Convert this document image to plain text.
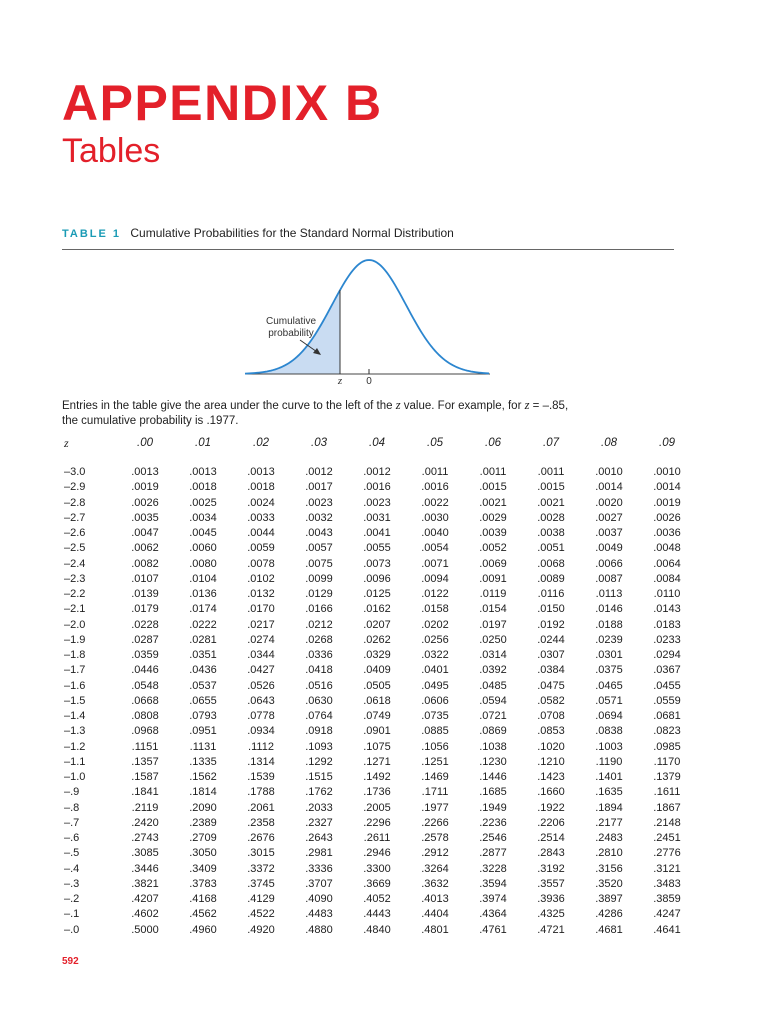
APPENDIX B
Tables
TABLE 1 Cumulative Probabilities for the Standard Normal Distribution
Cumulative
probability
z 0
Entries in the table give the area under the curve to the left of the z value. For example, for z = –.85,
the cumulative probability is .1977.
z	.00	.01	.02	.03	.04	.05	.06	.07	.08	.09

–3.0	.0013	.0013	.0013	.0012	.0012	.0011	.0011	.0011	.0010	.0010
–2.9	.0019	.0018	.0018	.0017	.0016	.0016	.0015	.0015	.0014	.0014
–2.8	.0026	.0025	.0024	.0023	.0023	.0022	.0021	.0021	.0020	.0019
–2.7	.0035	.0034	.0033	.0032	.0031	.0030	.0029	.0028	.0027	.0026
–2.6	.0047	.0045	.0044	.0043	.0041	.0040	.0039	.0038	.0037	.0036
–2.5	.0062	.0060	.0059	.0057	.0055	.0054	.0052	.0051	.0049	.0048
–2.4	.0082	.0080	.0078	.0075	.0073	.0071	.0069	.0068	.0066	.0064
–2.3	.0107	.0104	.0102	.0099	.0096	.0094	.0091	.0089	.0087	.0084
–2.2	.0139	.0136	.0132	.0129	.0125	.0122	.0119	.0116	.0113	.0110
–2.1	.0179	.0174	.0170	.0166	.0162	.0158	.0154	.0150	.0146	.0143
–2.0	.0228	.0222	.0217	.0212	.0207	.0202	.0197	.0192	.0188	.0183
–1.9	.0287	.0281	.0274	.0268	.0262	.0256	.0250	.0244	.0239	.0233
–1.8	.0359	.0351	.0344	.0336	.0329	.0322	.0314	.0307	.0301	.0294
–1.7	.0446	.0436	.0427	.0418	.0409	.0401	.0392	.0384	.0375	.0367
–1.6	.0548	.0537	.0526	.0516	.0505	.0495	.0485	.0475	.0465	.0455
–1.5	.0668	.0655	.0643	.0630	.0618	.0606	.0594	.0582	.0571	.0559
–1.4	.0808	.0793	.0778	.0764	.0749	.0735	.0721	.0708	.0694	.0681
–1.3	.0968	.0951	.0934	.0918	.0901	.0885	.0869	.0853	.0838	.0823
–1.2	.1151	.1131	.1112	.1093	.1075	.1056	.1038	.1020	.1003	.0985
–1.1	.1357	.1335	.1314	.1292	.1271	.1251	.1230	.1210	.1190	.1170
–1.0	.1587	.1562	.1539	.1515	.1492	.1469	.1446	.1423	.1401	.1379
–.9	.1841	.1814	.1788	.1762	.1736	.1711	.1685	.1660	.1635	.1611
–.8	.2119	.2090	.2061	.2033	.2005	.1977	.1949	.1922	.1894	.1867
–.7	.2420	.2389	.2358	.2327	.2296	.2266	.2236	.2206	.2177	.2148
–.6	.2743	.2709	.2676	.2643	.2611	.2578	.2546	.2514	.2483	.2451
–.5	.3085	.3050	.3015	.2981	.2946	.2912	.2877	.2843	.2810	.2776
–.4	.3446	.3409	.3372	.3336	.3300	.3264	.3228	.3192	.3156	.3121
–.3	.3821	.3783	.3745	.3707	.3669	.3632	.3594	.3557	.3520	.3483
–.2	.4207	.4168	.4129	.4090	.4052	.4013	.3974	.3936	.3897	.3859
–.1	.4602	.4562	.4522	.4483	.4443	.4404	.4364	.4325	.4286	.4247
–.0	.5000	.4960	.4920	.4880	.4840	.4801	.4761	.4721	.4681	.4641
592
